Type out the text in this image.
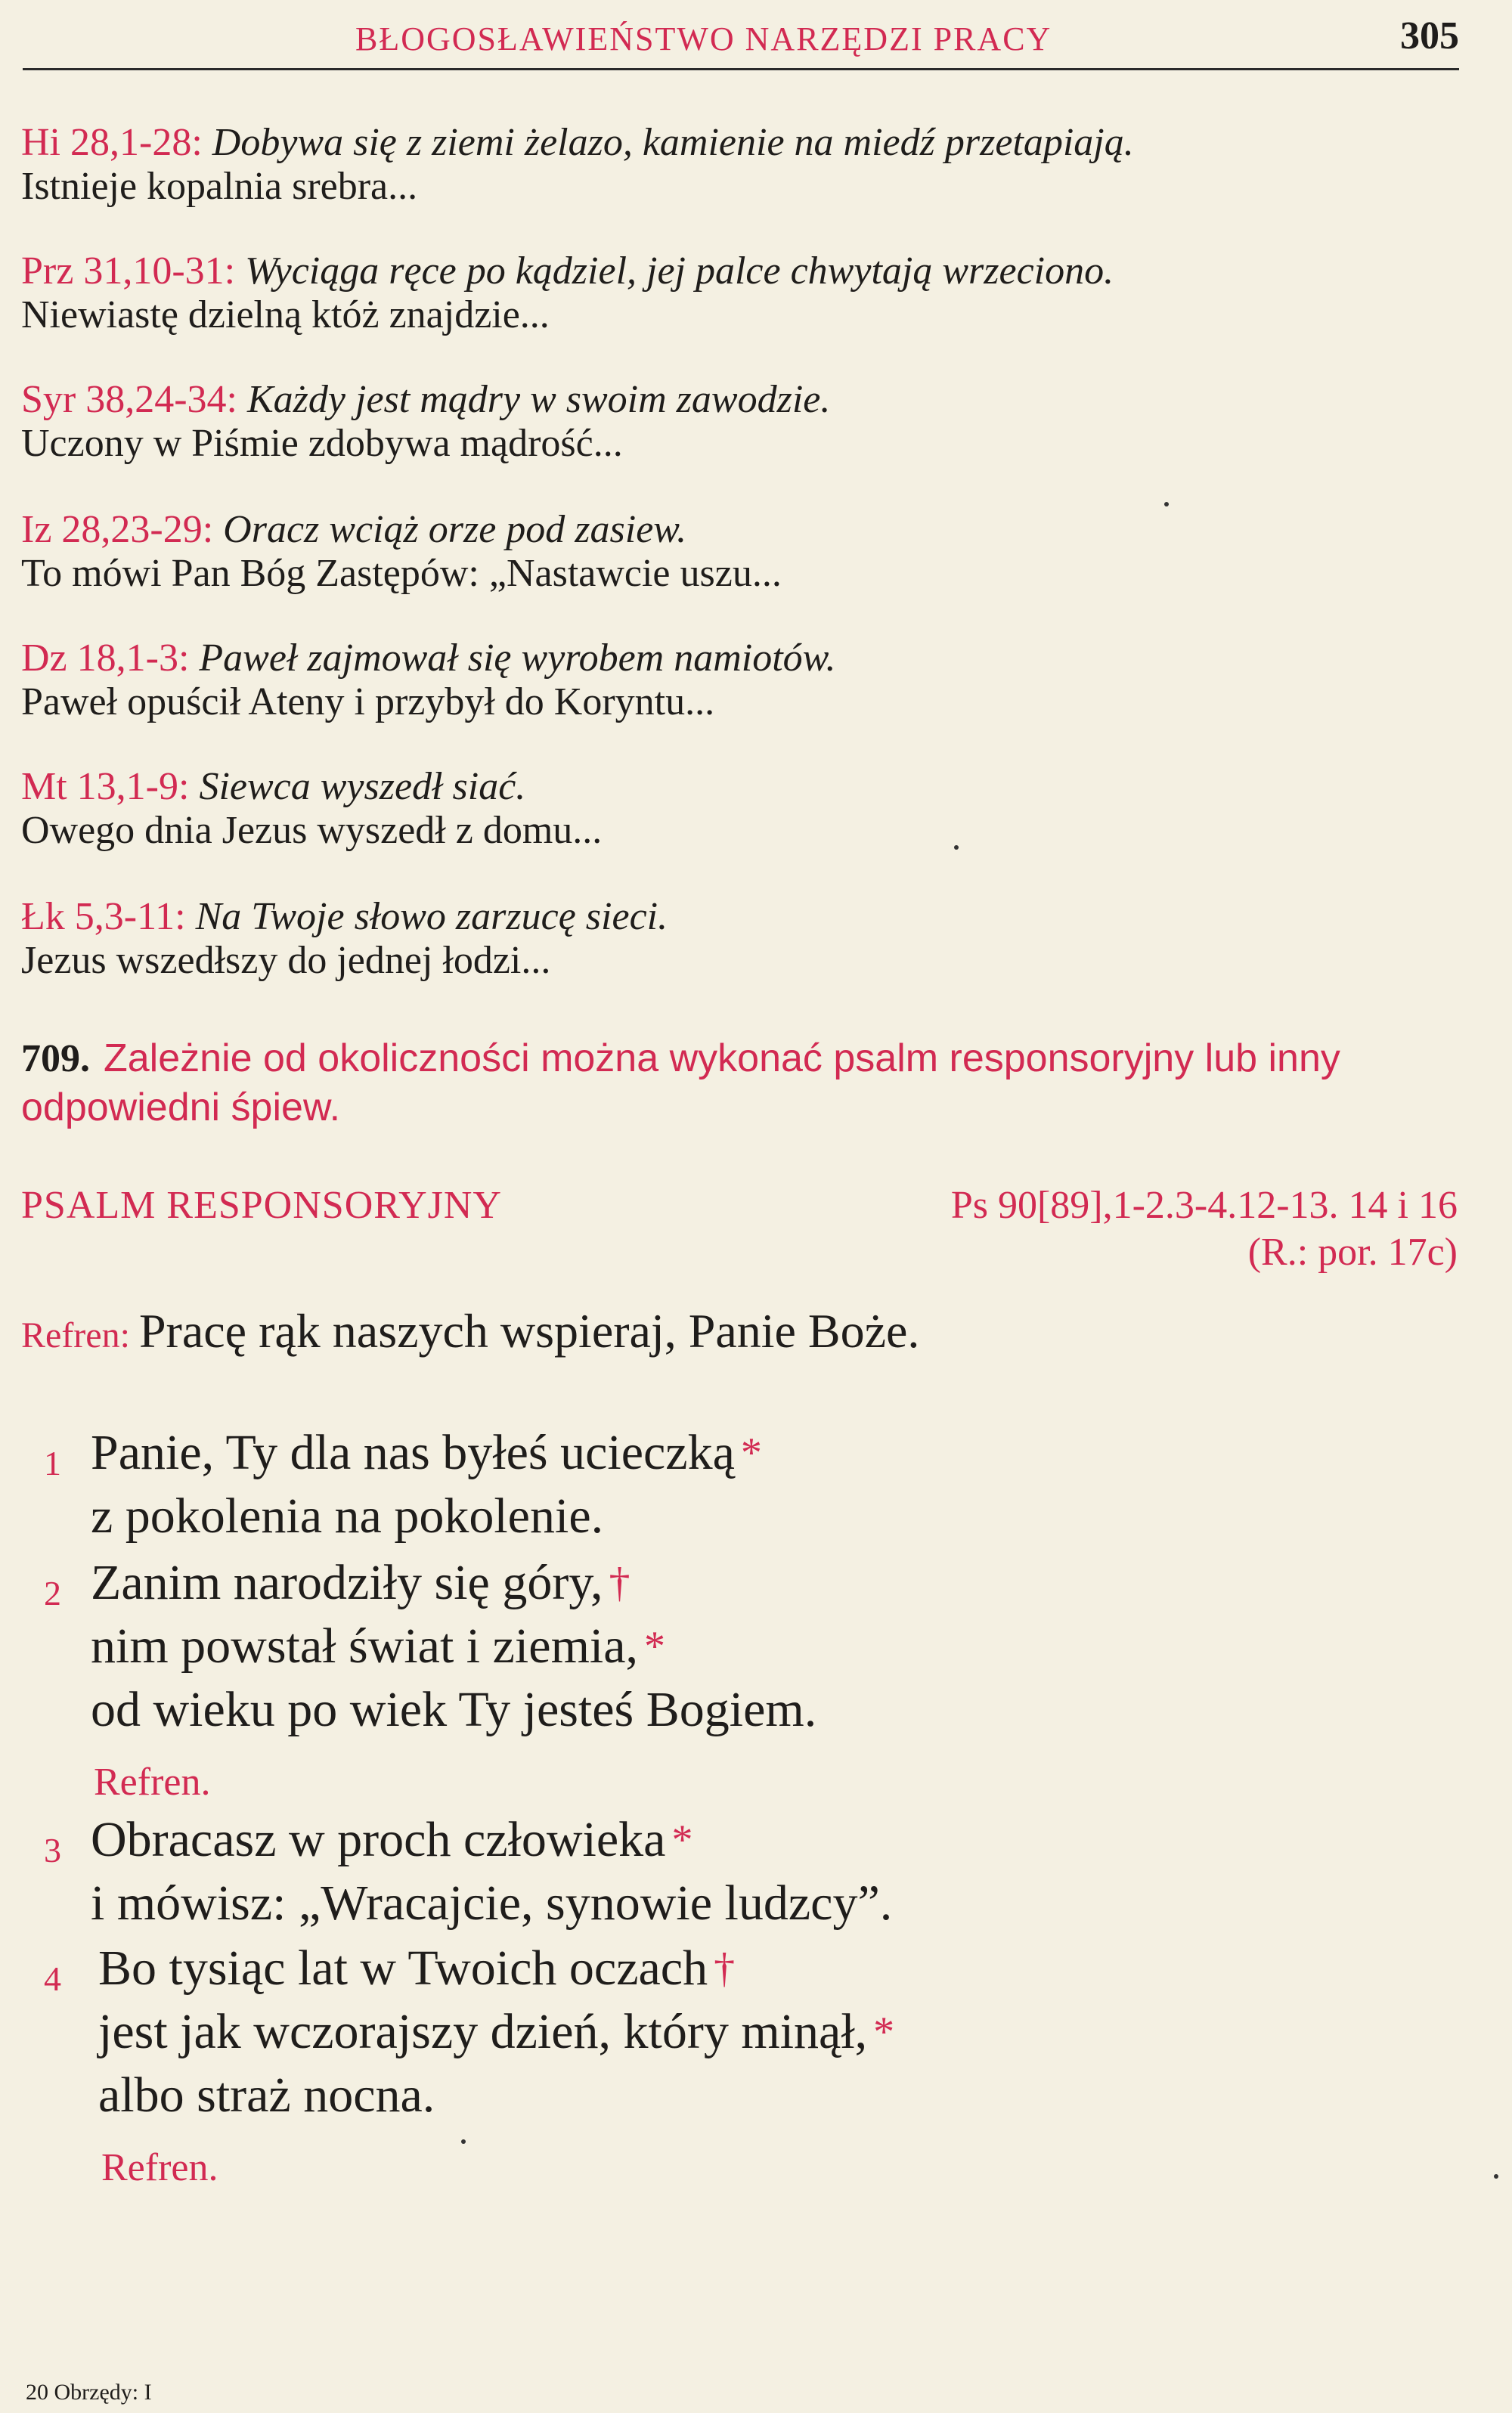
BŁOGOSŁAWIEŃSTWO NARZĘDZI PRACY	305
Hi 28,1-28: Dobywa się z ziemi żelazo, kamienie na miedź przetapiają.
Istnieje kopalnia srebra...
Prz 31,10-31: Wyciąga ręce po kądziel, jej palce chwytają wrzeciono.
Niewiastę dzielną któż znajdzie...
Syr 38,24-34: Każdy jest mądry w swoim zawodzie.
Uczony w Piśmie zdobywa mądrość...
Iz 28,23-29: Oracz wciąż orze pod zasiew.
To mówi Pan Bóg Zastępów: „Nastawcie uszu...
Dz 18,1-3: Paweł zajmował się wyrobem namiotów.
Paweł opuścił Ateny i przybył do Koryntu...
Mt 13,1-9: Siewca wyszedł siać.
Owego dnia Jezus wyszedł z domu...
Łk 5,3-11: Na Twoje słowo zarzucę sieci.
Jezus wszedłszy do jednej łodzi...
709. Zależnie od okoliczności można wykonać psalm responsoryjny lub inny
odpowiedni śpiew.
PSALM RESPONSORYJNY	Ps 90[89],1-2.3-4.12-13. 14 i 16
(R.: por. 17c)
Refren: Pracę rąk naszych wspieraj, Panie Boże.
1 Panie, Ty dla nas byłeś ucieczką *
z pokolenia na pokolenie.
2 Zanim narodziły się góry, †
nim powstał świat i ziemia, *
od wieku po wiek Ty jesteś Bogiem.
Refren.
3 Obracasz w proch człowieka *
i mówisz: „Wracajcie, synowie ludzcy”.
4 Bo tysiąc lat w Twoich oczach †
jest jak wczorajszy dzień, który minął, *
albo straż nocna.
Refren.
20 Obrzędy: I
